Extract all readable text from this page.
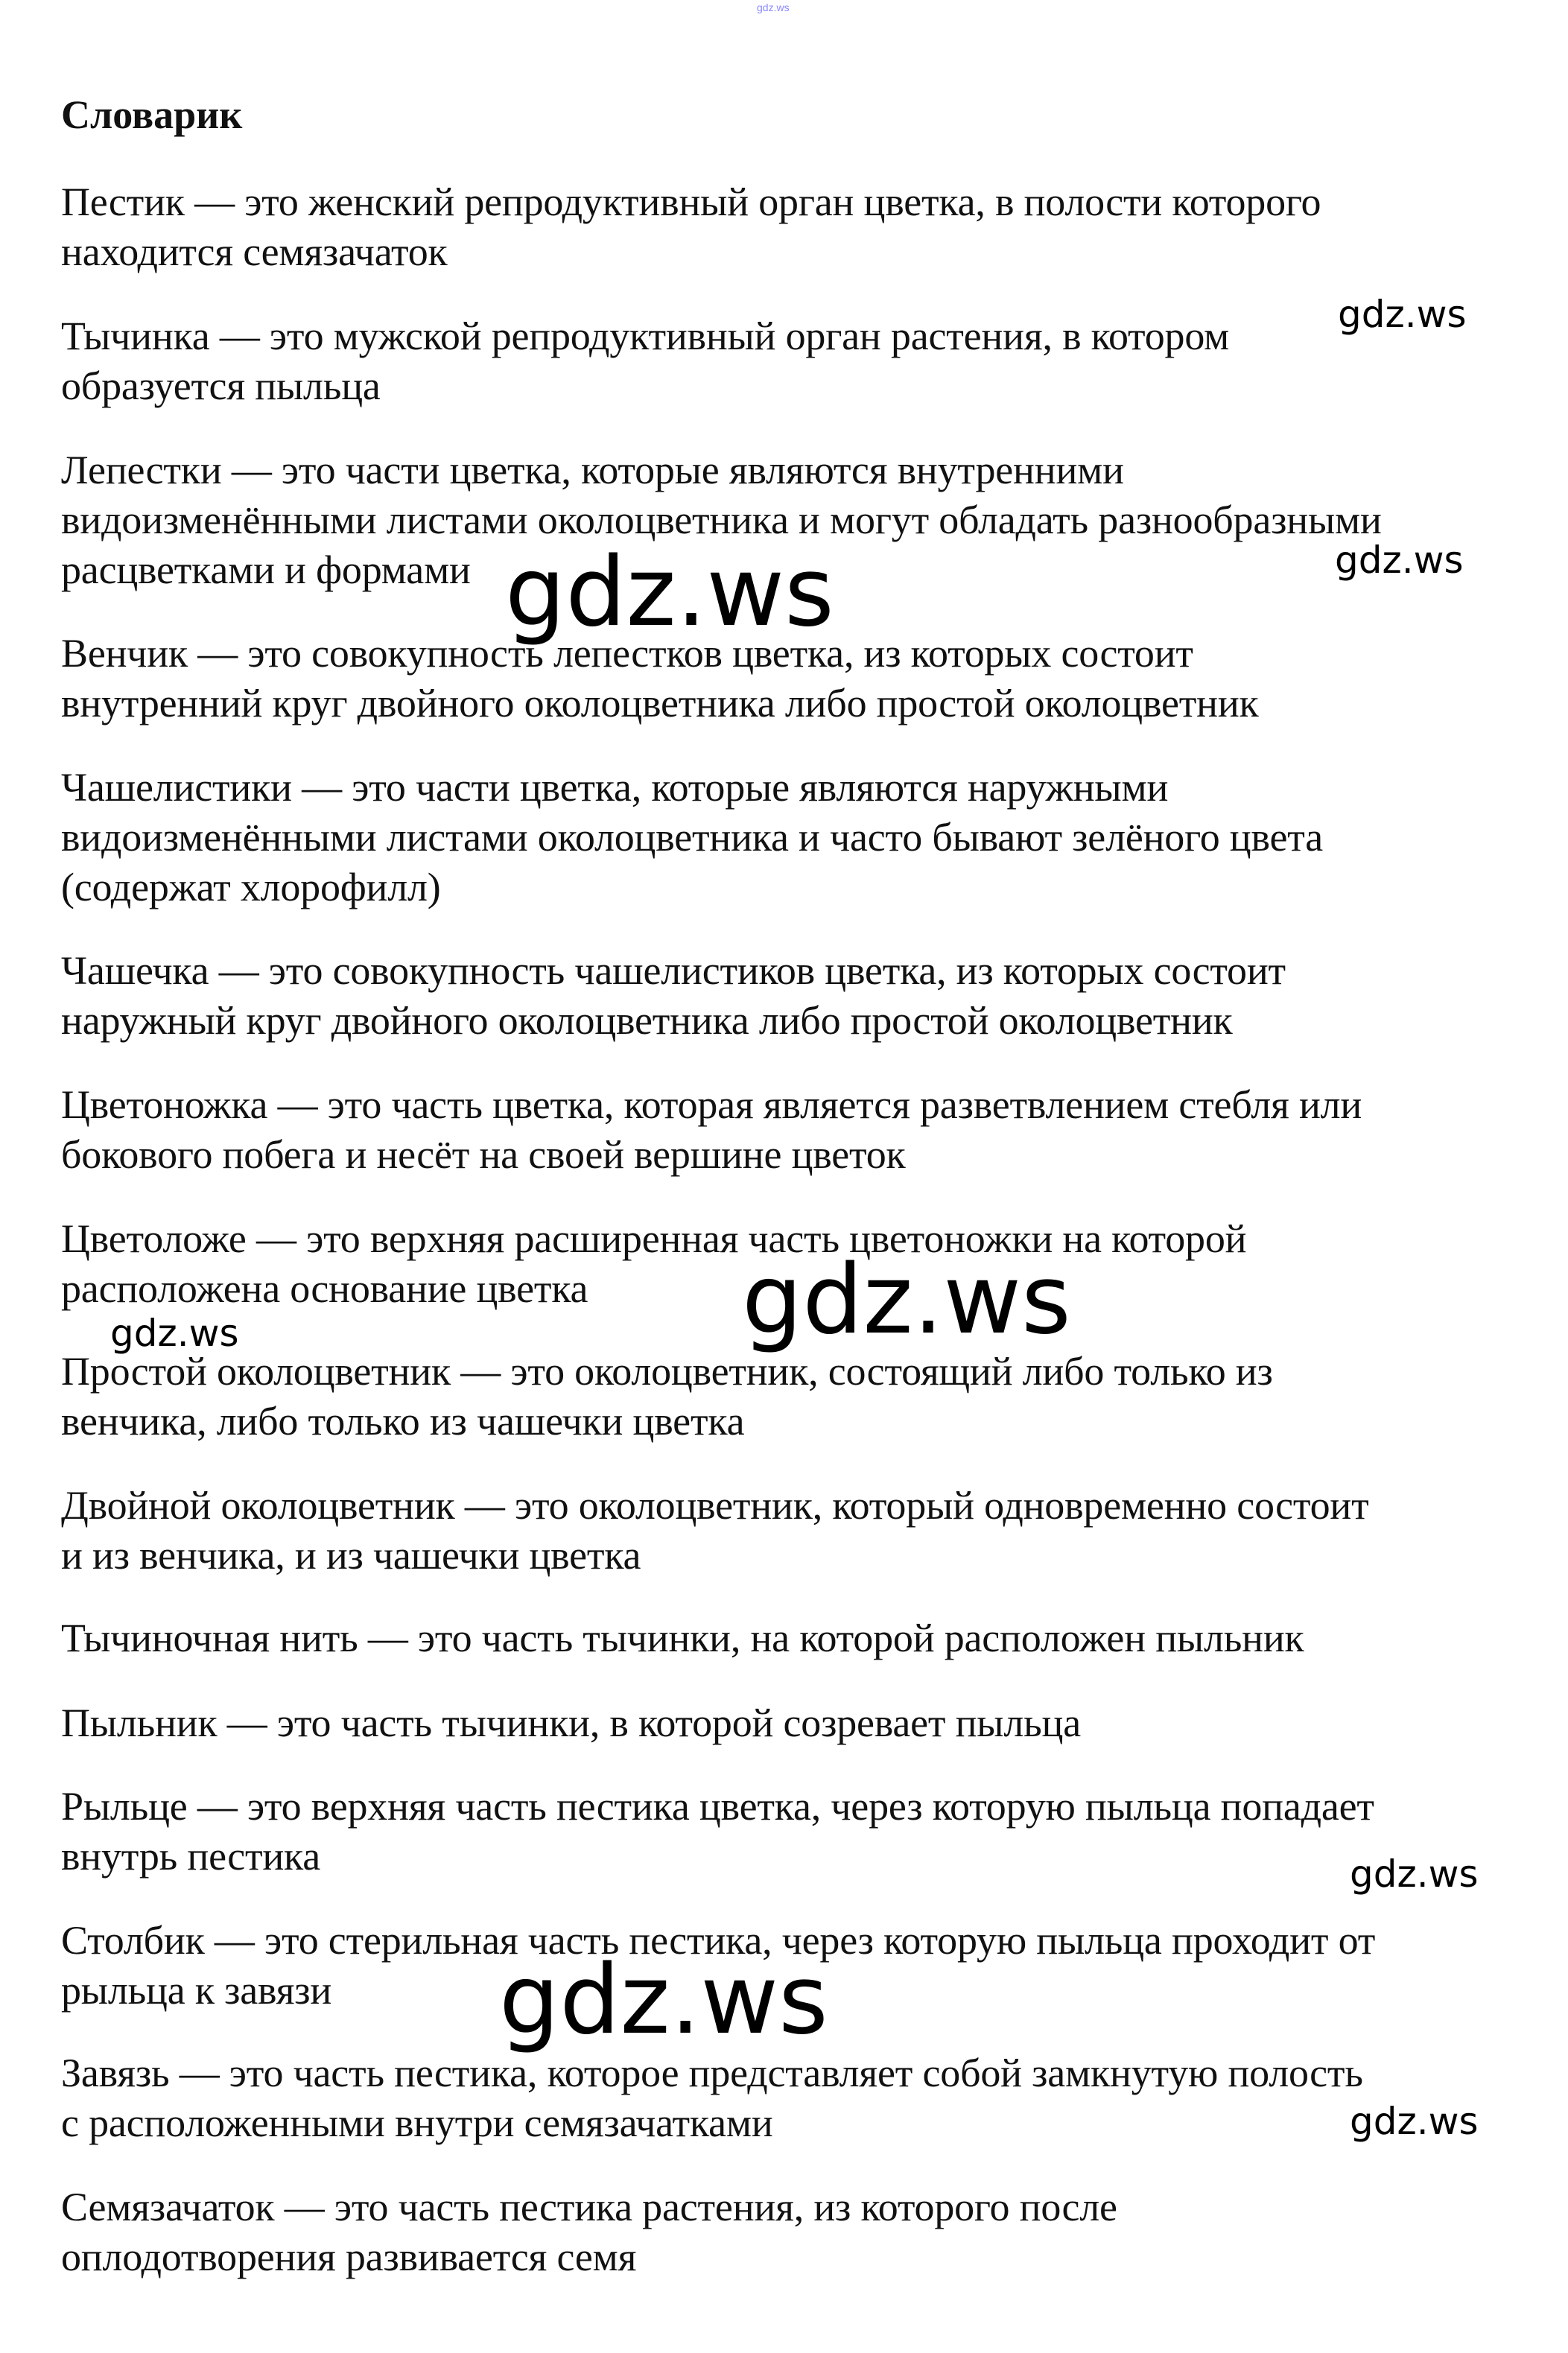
gdz.ws
Словарик
Пестик — это женский репродуктивный орган цветка, в полости которого
находится семязачаток
Тычинка — это мужской репродуктивный орган растения, в котором
образуется пыльца
Лепестки — это части цветка, которые являются внутренними
видоизменёнными листами околоцветника и могут обладать разнообразными
расцветками и формами
Венчик — это совокупность лепестков цветка, из которых состоит
внутренний круг двойного околоцветника либо простой околоцветник
Чашелистики — это части цветка, которые являются наружными
видоизменёнными листами околоцветника и часто бывают зелёного цвета
(содержат хлорофилл)
Чашечка — это совокупность чашелистиков цветка, из которых состоит
наружный круг двойного околоцветника либо простой околоцветник
Цветоножка — это часть цветка, которая является разветвлением стебля или
бокового побега и несёт на своей вершине цветок
Цветоложе — это верхняя расширенная часть цветоножки на которой
расположена основание цветка
Простой околоцветник — это околоцветник, состоящий либо только из
венчика, либо только из чашечки цветка
Двойной околоцветник — это околоцветник, который одновременно состоит
и из венчика, и из чашечки цветка
Тычиночная нить — это часть тычинки, на которой расположен пыльник
Пыльник — это часть тычинки, в которой созревает пыльца
Рыльце — это верхняя часть пестика цветка, через которую пыльца попадает
внутрь пестика
Столбик — это стерильная часть пестика, через которую пыльца проходит от
рыльца к завязи
Завязь — это часть пестика, которое представляет собой замкнутую полость
с расположенными внутри семязачатками
Семязачаток — это часть пестика растения, из которого после
оплодотворения развивается семя
gdz.ws
gdz.ws
gdz.ws
gdz.ws
gdz.ws
gdz.ws
gdz.ws
gdz.ws
